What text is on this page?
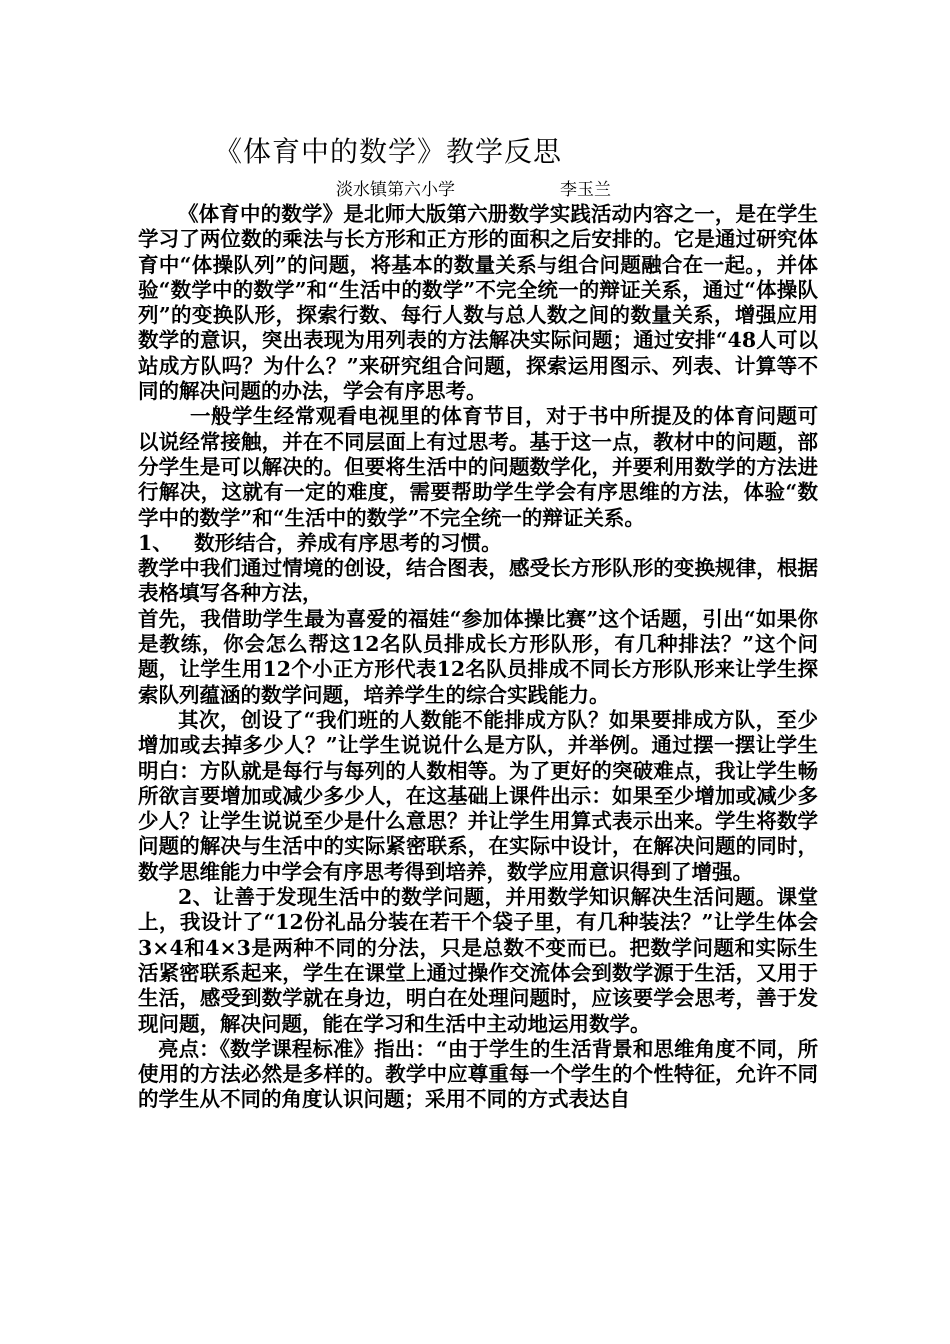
《体育中的数学》教学反思
淡水镇第六小学	李玉兰

《体育中的数学》是北师大版第六册数学实践活动内容之一，是在学生学习了两位数的乘法与长方形和正方形的面积之后安排的。它是通过研究体育中“体操队列”的问题，将基本的数量关系与组合问题融合在一起。，并体验“数学中的数学”和“生活中的数学”不完全统一的辩证关系，通过“体操队列”的变换队形，探索行数、每行人数与总人数之间的数量关系，增强应用数学的意识，突出表现为用列表的方法解决实际问题；通过安排“48人可以站成方队吗？为什么？”来研究组合问题，探索运用图示、列表、计算等不同的解决问题的办法，学会有序思考。

一般学生经常观看电视里的体育节目，对于书中所提及的体育问题可以说经常接触，并在不同层面上有过思考。基于这一点，教材中的问题，部分学生是可以解决的。但要将生活中的问题数学化，并要利用数学的方法进行解决，这就有一定的难度，需要帮助学生学会有序思维的方法，体验“数学中的数学”和“生活中的数学”不完全统一的辩证关系。

1、   数形结合，养成有序思考的习惯。

教学中我们通过情境的创设，结合图表，感受长方形队形的变换规律，根据表格填写各种方法，

首先，我借助学生最为喜爱的福娃“参加体操比赛”这个话题，引出“如果你是教练，你会怎么帮这12名队员排成长方形队形，有几种排法？”这个问题，让学生用12个小正方形代表12名队员排成不同长方形队形来让学生探索队列蕴涵的数学问题，培养学生的综合实践能力。

其次，创设了“我们班的人数能不能排成方队？如果要排成方队，至少增加或去掉多少人？”让学生说说什么是方队，并举例。通过摆一摆让学生明白：方队就是每行与每列的人数相等。为了更好的突破难点，我让学生畅所欲言要增加或减少多少人，在这基础上课件出示：如果至少增加或减少多少人？让学生说说至少是什么意思？并让学生用算式表示出来。学生将数学问题的解决与生活中的实际紧密联系，在实际中设计，在解决问题的同时，数学思维能力中学会有序思考得到培养，数学应用意识得到了增强。

2、让善于发现生活中的数学问题，并用数学知识解决生活问题。课堂上，我设计了“12份礼品分装在若干个袋子里，有几种装法？”让学生体会3×4和4×3是两种不同的分法，只是总数不变而已。把数学问题和实际生活紧密联系起来，学生在课堂上通过操作交流体会到数学源于生活，又用于生活，感受到数学就在身边，明白在处理问题时，应该要学会思考，善于发现问题，解决问题，能在学习和生活中主动地运用数学。

亮点：《数学课程标准》指出：“由于学生的生活背景和思维角度不同，所使用的方法必然是多样的。教学中应尊重每一个学生的个性特征，允许不同的学生从不同的角度认识问题；采用不同的方式表达自
